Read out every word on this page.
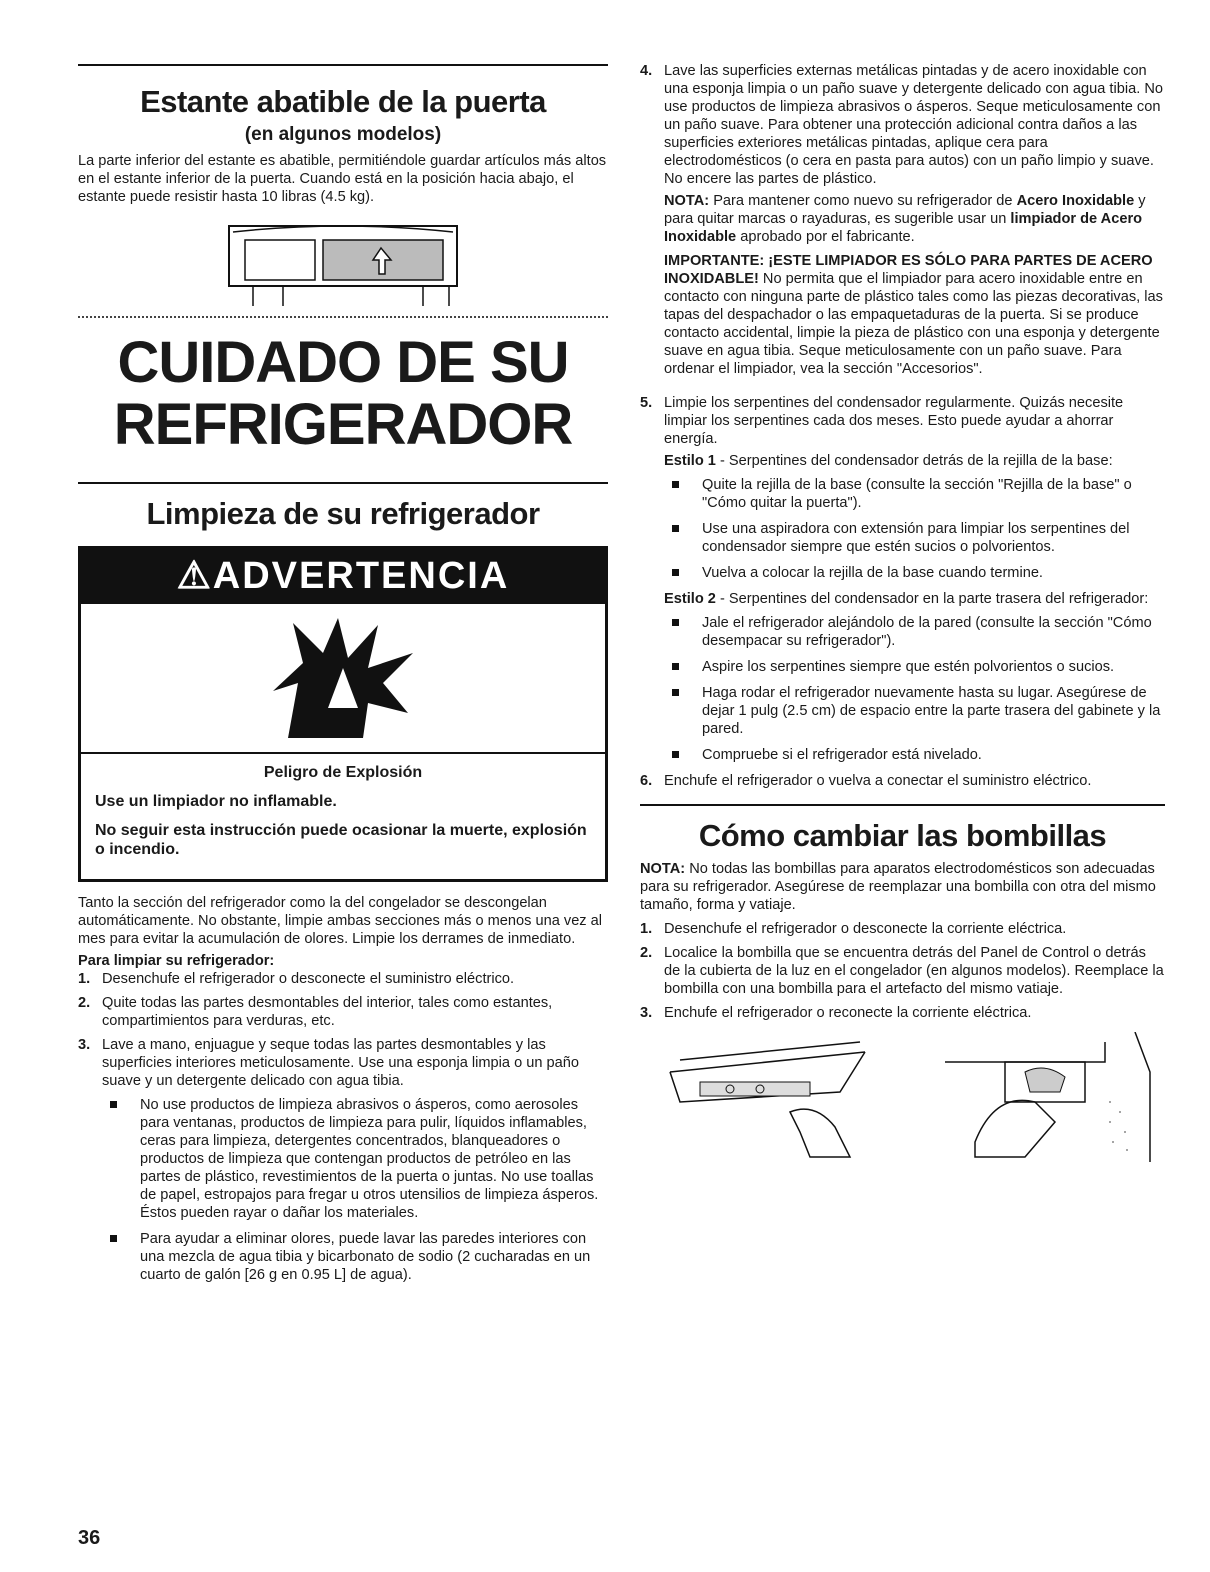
Estante abatible de la puerta
(en algunos modelos)

La parte inferior del estante es abatible, permitiéndole guardar artículos más altos en el estante inferior de la puerta. Cuando está en la posición hacia abajo, el estante puede resistir hasta 10 libras (4.5 kg).

CUIDADO DE SU
REFRIGERADOR
Limpieza de su refrigerador
⚠ADVERTENCIA
Peligro de Explosión
Use un limpiador no inflamable.
No seguir esta instrucción puede ocasionar la muerte, explosión o incendio.

Tanto la sección del refrigerador como la del congelador se descongelan automáticamente. No obstante, limpie ambas secciones más o menos una vez al mes para evitar la acumulación de olores. Limpie los derrames de inmediato.

Para limpiar su refrigerador:

1. Desenchufe el refrigerador o desconecte el suministro eléctrico.
2. Quite todas las partes desmontables del interior, tales como estantes, compartimientos para verduras, etc.
3. Lave a mano, enjuague y seque todas las partes desmontables y las superficies interiores meticulosamente. Use una esponja limpia o un paño suave y un detergente delicado con agua tibia.
No use productos de limpieza abrasivos o ásperos, como aerosoles para ventanas, productos de limpieza para pulir, líquidos inflamables, ceras para limpieza, detergentes concentrados, blanqueadores o productos de limpieza que contengan productos de petróleo en las partes de plástico, revestimientos de la puerta o juntas. No use toallas de papel, estropajos para fregar u otros utensilios de limpieza ásperos. Éstos pueden rayar o dañar los materiales.
Para ayudar a eliminar olores, puede lavar las paredes interiores con una mezcla de agua tibia y bicarbonato de sodio (2 cucharadas en un cuarto de galón [26 g en 0.95 L] de agua).
4. Lave las superficies externas metálicas pintadas y de acero inoxidable con una esponja limpia o un paño suave y detergente delicado con agua tibia. No use productos de limpieza abrasivos o ásperos. Seque meticulosamente con un paño suave. Para obtener una protección adicional contra daños a las superficies exteriores metálicas pintadas, aplique cera para electrodomésticos (o cera en pasta para autos) con un paño limpio y suave. No encere las partes de plástico.

NOTA: Para mantener como nuevo su refrigerador de Acero Inoxidable y para quitar marcas o rayaduras, es sugerible usar un limpiador de Acero Inoxidable aprobado por el fabricante.

IMPORTANTE: ¡ESTE LIMPIADOR ES SÓLO PARA PARTES DE ACERO INOXIDABLE! No permita que el limpiador para acero inoxidable entre en contacto con ninguna parte de plástico tales como las piezas decorativas, las tapas del despachador o las empaquetaduras de la puerta. Si se produce contacto accidental, limpie la pieza de plástico con una esponja y detergente suave en agua tibia. Seque meticulosamente con un paño suave. Para ordenar el limpiador, vea la sección "Accesorios".

5. Limpie los serpentines del condensador regularmente. Quizás necesite limpiar los serpentines cada dos meses. Esto puede ayudar a ahorrar energía.

Estilo 1 - Serpentines del condensador detrás de la rejilla de la base:

Quite la rejilla de la base (consulte la sección "Rejilla de la base" o "Cómo quitar la puerta").
Use una aspiradora con extensión para limpiar los serpentines del condensador siempre que estén sucios o polvorientos.
Vuelva a colocar la rejilla de la base cuando termine.

Estilo 2 - Serpentines del condensador en la parte trasera del refrigerador:

Jale el refrigerador alejándolo de la pared (consulte la sección "Cómo desempacar su refrigerador").
Aspire los serpentines siempre que estén polvorientos o sucios.
Haga rodar el refrigerador nuevamente hasta su lugar. Asegúrese de dejar 1 pulg (2.5 cm) de espacio entre la parte trasera del gabinete y la pared.
Compruebe si el refrigerador está nivelado.
6. Enchufe el refrigerador o vuelva a conectar el suministro eléctrico.
Cómo cambiar las bombillas

NOTA: No todas las bombillas para aparatos electrodomésticos son adecuadas para su refrigerador. Asegúrese de reemplazar una bombilla con otra del mismo tamaño, forma y vatiaje.

1. Desenchufe el refrigerador o desconecte la corriente eléctrica.
2. Localice la bombilla que se encuentra detrás del Panel de Control o detrás de la cubierta de la luz en el congelador (en algunos modelos). Reemplace la bombilla con una bombilla para el artefacto del mismo vatiaje.
3. Enchufe el refrigerador o reconecte la corriente eléctrica.
36
